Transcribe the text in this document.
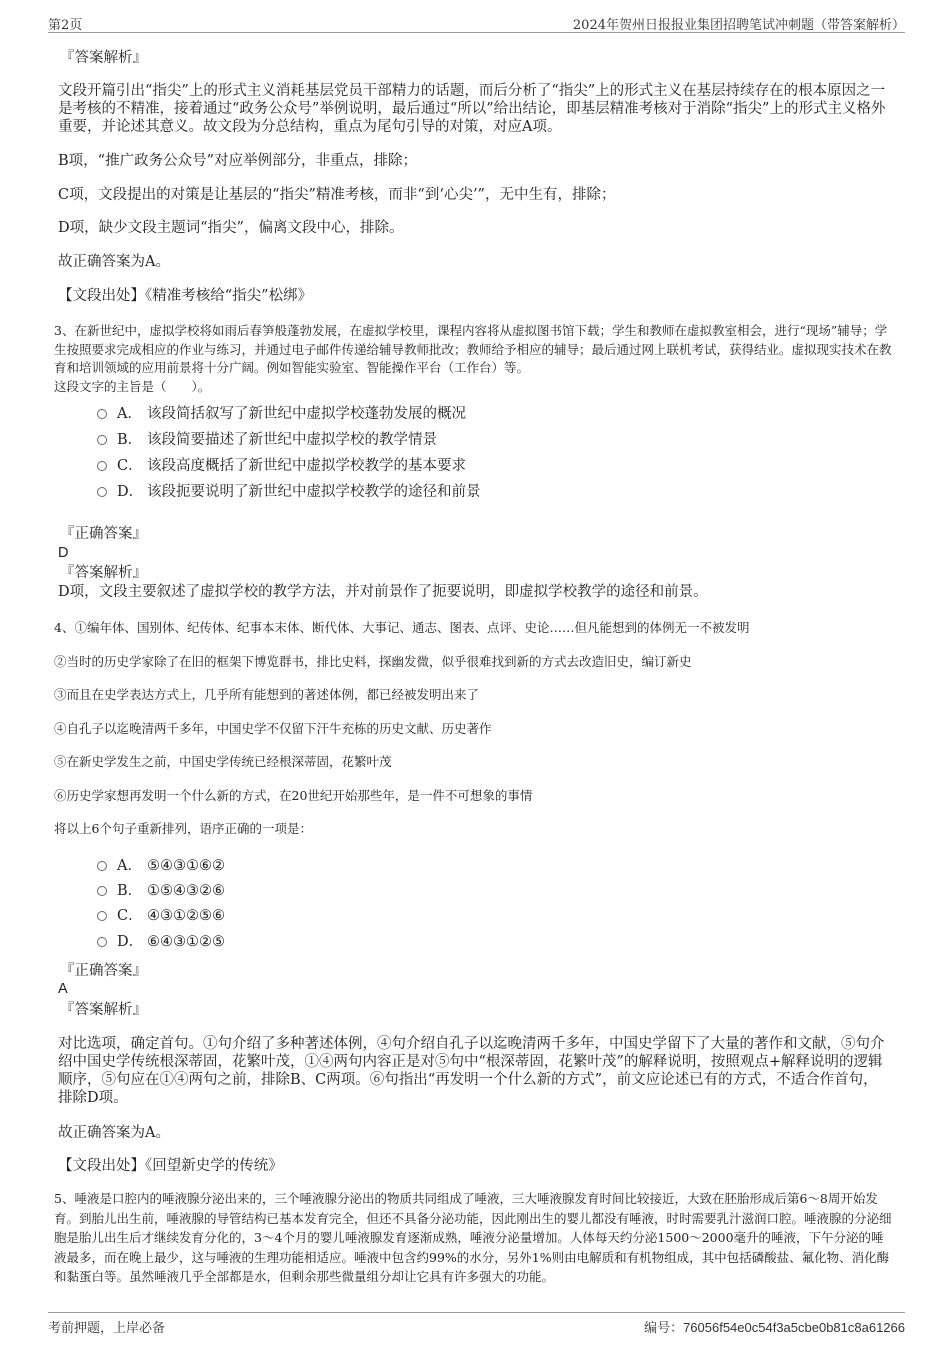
第2页	2024年贺州日报报业集团招聘笔试冲刺题（带答案解析）
『答案解析』
文段开篇引出“指尖”上的形式主义消耗基层党员干部精力的话题，而后分析了“指尖”上的形式主义在基层持续存在的根本原因之一是考核的不精准，接着通过“政务公众号”举例说明，最后通过“所以”给出结论，即基层精准考核对于消除“指尖”上的形式主义格外重要，并论述其意义。故文段为分总结构，重点为尾句引导的对策，对应A项。
B项，“推广政务公众号”对应举例部分，非重点，排除；
C项，文段提出的对策是让基层的“指尖”精准考核，而非“到‘心尖’”，无中生有，排除；
D项，缺少文段主题词“指尖”，偏离文段中心，排除。
故正确答案为A。
【文段出处】《精准考核给“指尖”松绑》
3、在新世纪中，虚拟学校将如雨后春笋般蓬勃发展，在虚拟学校里，课程内容将从虚拟图书馆下载；学生和教师在虚拟教室相会，进行“现场”辅导；学生按照要求完成相应的作业与练习，并通过电子邮件传递给辅导教师批改；教师给予相应的辅导；最后通过网上联机考试，获得结业。虚拟现实技术在教育和培训领域的应用前景将十分广阔。例如智能实验室、智能操作平台（工作台）等。
这段文字的主旨是（　　）。
A． 该段简括叙写了新世纪中虚拟学校蓬勃发展的概况
B． 该段简要描述了新世纪中虚拟学校的教学情景
C． 该段高度概括了新世纪中虚拟学校教学的基本要求
D． 该段扼要说明了新世纪中虚拟学校教学的途径和前景
『正确答案』
D
『答案解析』
D项，文段主要叙述了虚拟学校的教学方法，并对前景作了扼要说明，即虚拟学校教学的途径和前景。
4、①编年体、国别体、纪传体、纪事本末体、断代体、大事记、通志、图表、点评、史论……但凡能想到的体例无一不被发明
②当时的历史学家除了在旧的框架下博览群书，排比史料，探幽发微，似乎很难找到新的方式去改造旧史，编订新史
③而且在史学表达方式上，几乎所有能想到的著述体例，都已经被发明出来了
④自孔子以迄晚清两千多年，中国史学不仅留下汗牛充栋的历史文献、历史著作
⑤在新史学发生之前，中国史学传统已经根深蒂固，花繁叶茂
⑥历史学家想再发明一个什么新的方式，在20世纪开始那些年，是一件不可想象的事情
将以上6个句子重新排列，语序正确的一项是：
A． ⑤④③①⑥②
B． ①⑤④③②⑥
C． ④③①②⑤⑥
D． ⑥④③①②⑤
『正确答案』
A
『答案解析』
对比选项，确定首句。①句介绍了多种著述体例，④句介绍自孔子以迄晚清两千多年，中国史学留下了大量的著作和文献，⑤句介绍中国史学传统根深蒂固，花繁叶茂，①④两句内容正是对⑤句中“根深蒂固，花繁叶茂”的解释说明，按照观点+解释说明的逻辑顺序，⑤句应在①④两句之前，排除B、C两项。⑥句指出“再发明一个什么新的方式”，前文应论述已有的方式，不适合作首句，排除D项。
故正确答案为A。
【文段出处】《回望新史学的传统》
5、唾液是口腔内的唾液腺分泌出来的，三个唾液腺分泌出的物质共同组成了唾液，三大唾液腺发育时间比较接近，大致在胚胎形成后第6～8周开始发育。到胎儿出生前，唾液腺的导管结构已基本发育完全，但还不具备分泌功能，因此刚出生的婴儿都没有唾液，时时需要乳汁滋润口腔。唾液腺的分泌细胞是胎儿出生后才继续发育分化的，3～4个月的婴儿唾液腺发育逐渐成熟，唾液分泌量增加。人体每天约分泌1500～2000毫升的唾液，下午分泌的唾液最多，而在晚上最少，这与唾液的生理功能相适应。唾液中包含约99%的水分，另外1%则由电解质和有机物组成，其中包括磷酸盐、氟化物、消化酶和黏蛋白等。虽然唾液几乎全部都是水，但剩余那些微量组分却让它具有许多强大的功能。
考前押题，上岸必备	编号：76056f54e0c54f3a5cbe0b81c8a61266
